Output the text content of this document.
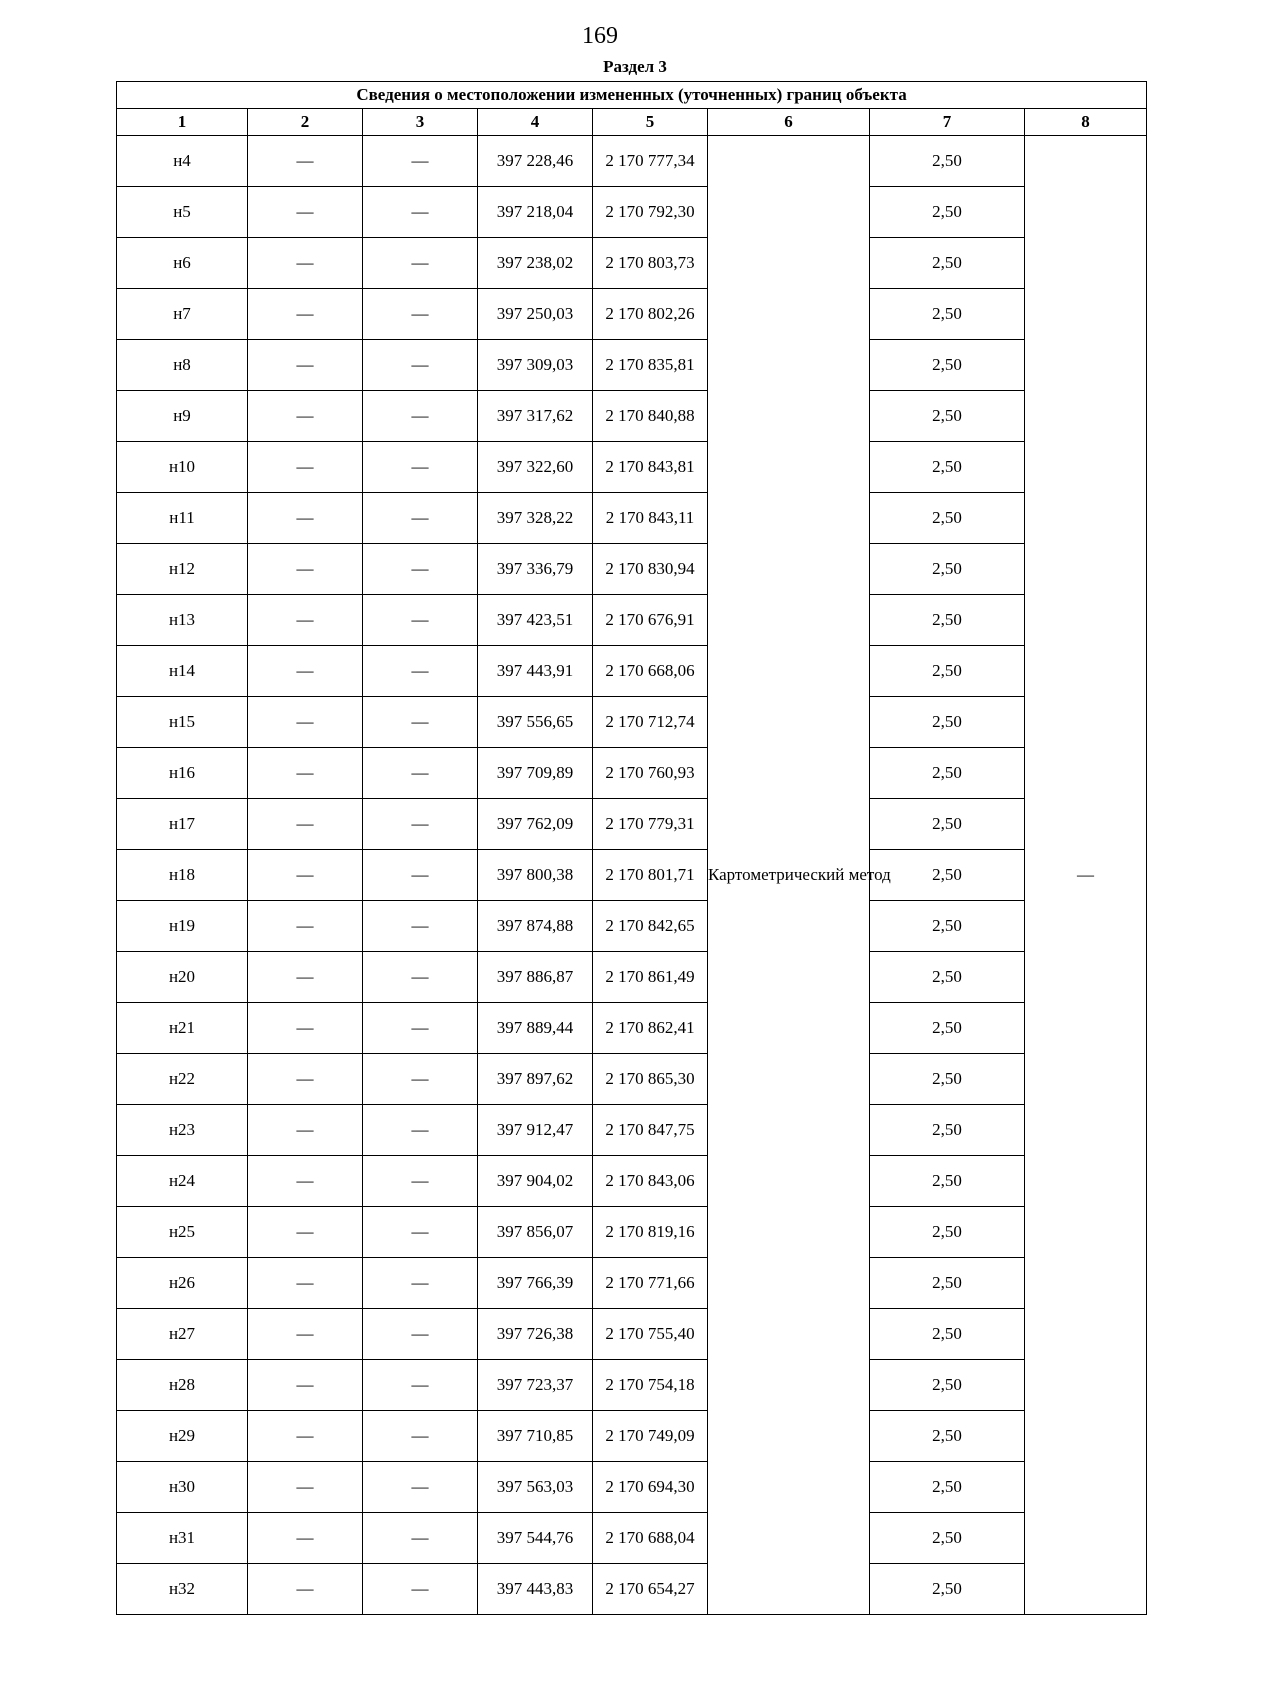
169
Раздел 3
Сведения о местоположении измененных (уточненных) границ объекта							
1	2	3	4	5	6	7	8
н4	—	—	397 228,46	2 170 777,34	Картометрический метод	2,50	—
н5	—	—	397 218,04	2 170 792,30		2,50	
н6	—	—	397 238,02	2 170 803,73		2,50	
н7	—	—	397 250,03	2 170 802,26		2,50	
н8	—	—	397 309,03	2 170 835,81		2,50	
н9	—	—	397 317,62	2 170 840,88		2,50	
н10	—	—	397 322,60	2 170 843,81		2,50	
н11	—	—	397 328,22	2 170 843,11		2,50	
н12	—	—	397 336,79	2 170 830,94		2,50	
н13	—	—	397 423,51	2 170 676,91		2,50	
н14	—	—	397 443,91	2 170 668,06		2,50	
н15	—	—	397 556,65	2 170 712,74		2,50	
н16	—	—	397 709,89	2 170 760,93		2,50	
н17	—	—	397 762,09	2 170 779,31		2,50	
н18	—	—	397 800,38	2 170 801,71		2,50	
н19	—	—	397 874,88	2 170 842,65		2,50	
н20	—	—	397 886,87	2 170 861,49		2,50	
н21	—	—	397 889,44	2 170 862,41		2,50	
н22	—	—	397 897,62	2 170 865,30		2,50	
н23	—	—	397 912,47	2 170 847,75		2,50	
н24	—	—	397 904,02	2 170 843,06		2,50	
н25	—	—	397 856,07	2 170 819,16		2,50	
н26	—	—	397 766,39	2 170 771,66		2,50	
н27	—	—	397 726,38	2 170 755,40		2,50	
н28	—	—	397 723,37	2 170 754,18		2,50	
н29	—	—	397 710,85	2 170 749,09		2,50	
н30	—	—	397 563,03	2 170 694,30		2,50	
н31	—	—	397 544,76	2 170 688,04		2,50	
н32	—	—	397 443,83	2 170 654,27		2,50	
